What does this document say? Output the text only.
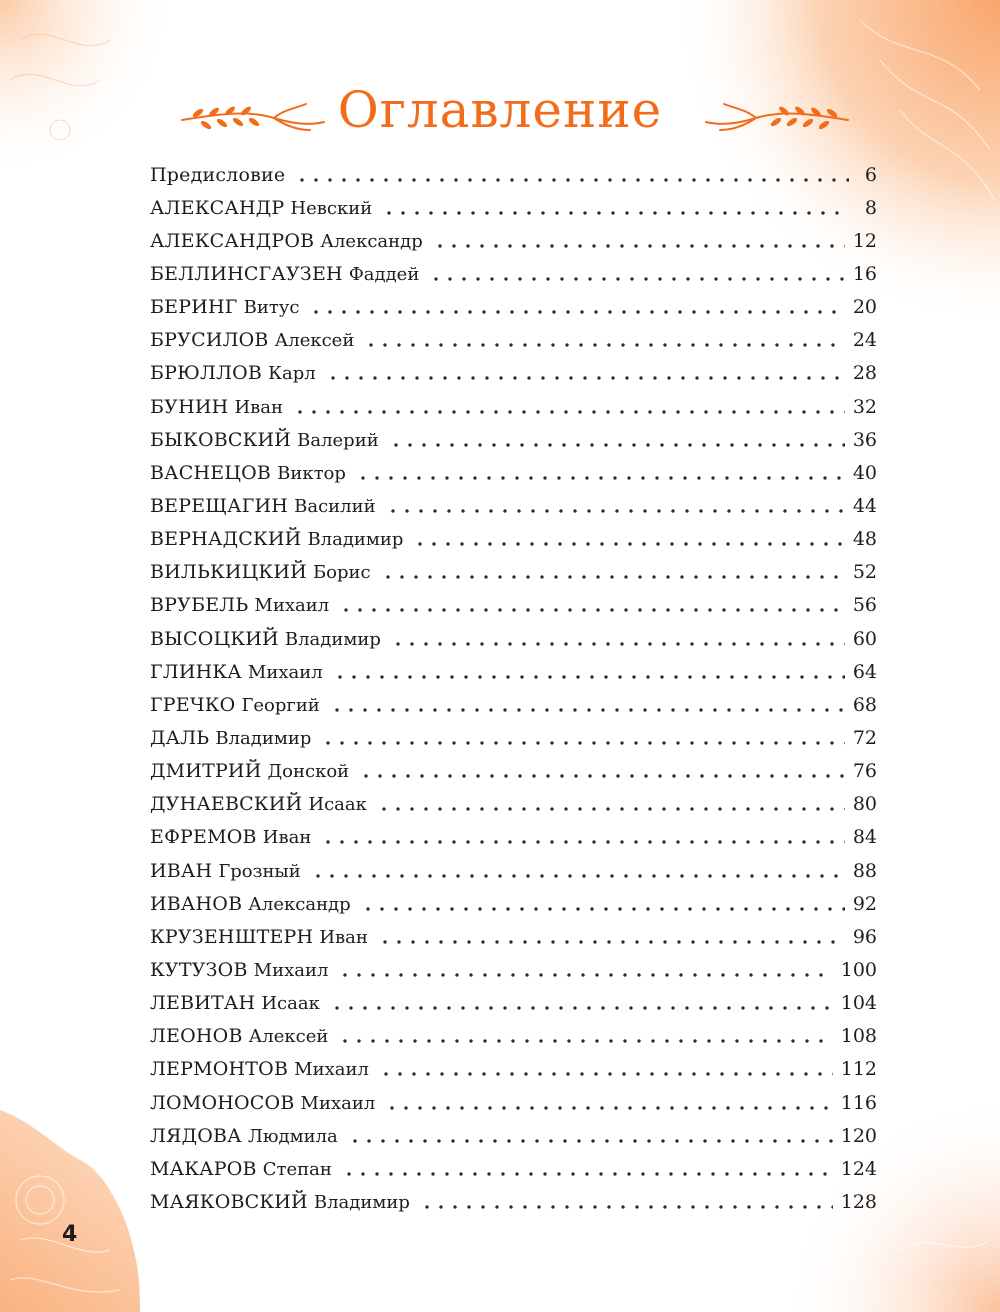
Оглавление
Предисловие	6
АЛЕКСАНДР Невский	8
АЛЕКСАНДРОВ Александр	12
БЕЛЛИНСГАУЗЕН Фаддей	16
БЕРИНГ Витус	20
БРУСИЛОВ Алексей	24
БРЮЛЛОВ Карл	28
БУНИН Иван	32
БЫКОВСКИЙ Валерий	36
ВАСНЕЦОВ Виктор	40
ВЕРЕЩАГИН Василий	44
ВЕРНАДСКИЙ Владимир	48
ВИЛЬКИЦКИЙ Борис	52
ВРУБЕЛЬ Михаил	56
ВЫСОЦКИЙ Владимир	60
ГЛИНКА Михаил	64
ГРЕЧКО Георгий	68
ДАЛЬ Владимир	72
ДМИТРИЙ Донской	76
ДУНАЕВСКИЙ Исаак	80
ЕФРЕМОВ Иван	84
ИВАН Грозный	88
ИВАНОВ Александр	92
КРУЗЕНШТЕРН Иван	96
КУТУЗОВ Михаил	100
ЛЕВИТАН Исаак	104
ЛЕОНОВ Алексей	108
ЛЕРМОНТОВ Михаил	112
ЛОМОНОСОВ Михаил	116
ЛЯДОВА Людмила	120
МАКАРОВ Степан	124
МАЯКОВСКИЙ Владимир	128
4
